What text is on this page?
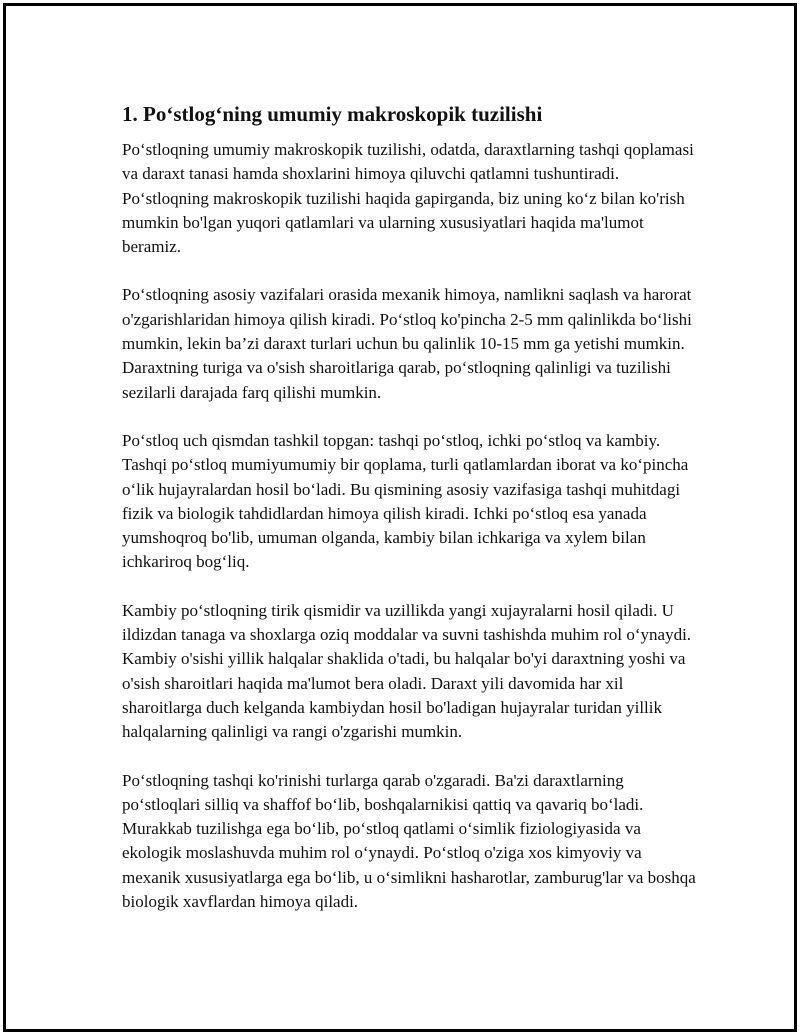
1. Po‘stlog‘ning umumiy makroskopik tuzilishi

Po‘stloqning umumiy makroskopik tuzilishi, odatda, daraxtlarning tashqi qoplamasi va daraxt tanasi hamda shoxlarini himoya qiluvchi qatlamni tushuntiradi. Po‘stloqning makroskopik tuzilishi haqida gapirganda, biz uning ko‘z bilan ko'rish mumkin bo'lgan yuqori qatlamlari va ularning xususiyatlari haqida ma'lumot beramiz.

Po‘stloqning asosiy vazifalari orasida mexanik himoya, namlikni saqlash va harorat o'zgarishlaridan himoya qilish kiradi. Po‘stloq ko'pincha 2-5 mm qalinlikda bo‘lishi mumkin, lekin ba’zi daraxt turlari uchun bu qalinlik 10-15 mm ga yetishi mumkin. Daraxtning turiga va o'sish sharoitlariga qarab, po‘stloqning qalinligi va tuzilishi sezilarli darajada farq qilishi mumkin.

Po‘stloq uch qismdan tashkil topgan: tashqi po‘stloq, ichki po‘stloq va kambiy. Tashqi po‘stloq mumiyumumiy bir qoplama, turli qatlamlardan iborat va ko‘pincha o‘lik hujayralardan hosil bo‘ladi. Bu qismining asosiy vazifasiga tashqi muhitdagi fizik va biologik tahdidlardan himoya qilish kiradi. Ichki po‘stloq esa yanada yumshoqroq bo'lib, umuman olganda, kambiy bilan ichkariga va xylem bilan ichkariroq bog‘liq.

Kambiy po‘stloqning tirik qismidir va uzillikda yangi xujayralarni hosil qiladi. U ildizdan tanaga va shoxlarga oziq moddalar va suvni tashishda muhim rol o‘ynaydi. Kambiy o'sishi yillik halqalar shaklida o'tadi, bu halqalar bo'yi daraxtning yoshi va o'sish sharoitlari haqida ma'lumot bera oladi. Daraxt yili davomida har xil sharoitlarga duch kelganda kambiydan hosil bo'ladigan hujayralar turidan yillik halqalarning qalinligi va rangi o'zgarishi mumkin.

Po‘stloqning tashqi ko'rinishi turlarga qarab o'zgaradi. Ba'zi daraxtlarning po‘stloqlari silliq va shaffof bo‘lib, boshqalarnikisi qattiq va qavariq bo‘ladi. Murakkab tuzilishga ega bo‘lib, po‘stloq qatlami o‘simlik fiziologiyasida va ekologik moslashuvda muhim rol o‘ynaydi. Po‘stloq o'ziga xos kimyoviy va mexanik xususiyatlarga ega bo‘lib, u o‘simlikni hasharotlar, zamburug'lar va boshqa biologik xavflardan himoya qiladi.
